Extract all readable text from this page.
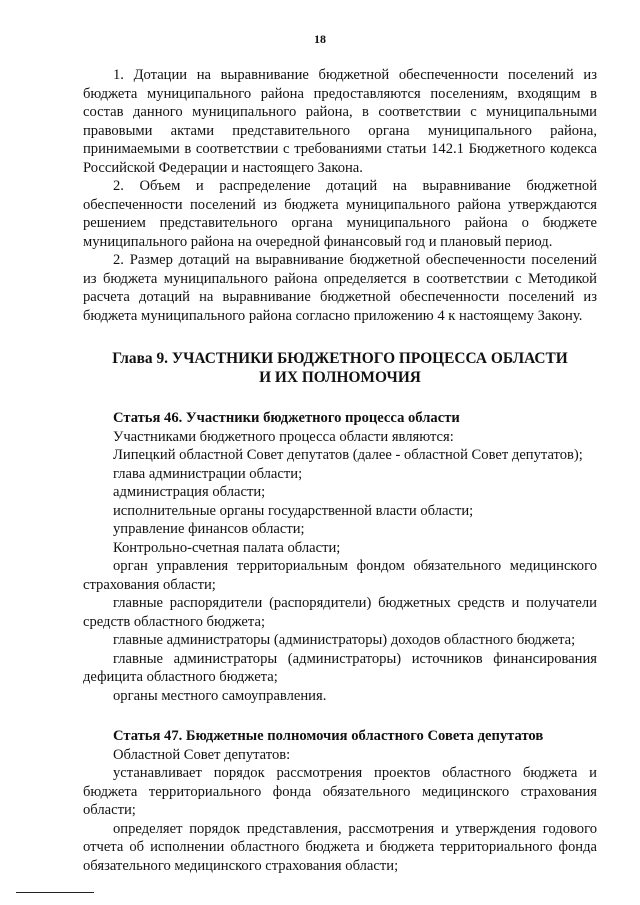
18

1. Дотации на выравнивание бюджетной обеспеченности поселений из бюджета муниципального района предоставляются поселениям, входящим в состав данного муниципального района, в соответствии с муниципальными правовыми актами представительного органа муниципального района, принимаемыми в соответствии с требованиями статьи 142.1 Бюджетного кодекса Российской Федерации и настоящего Закона.

2. Объем и распределение дотаций на выравнивание бюджетной обеспеченности поселений из бюджета муниципального района утверждаются решением представительного органа муниципального района о бюджете муниципального района на очередной финансовый год и плановый период.

2. Размер дотаций на выравнивание бюджетной обеспеченности поселений из бюджета муниципального района определяется в соответствии с Методикой расчета дотаций на выравнивание бюджетной обеспеченности поселений из бюджета муниципального района согласно приложению 4 к настоящему Закону.

Глава 9. УЧАСТНИКИ БЮДЖЕТНОГО ПРОЦЕССА ОБЛАСТИ

И ИХ ПОЛНОМОЧИЯ

Статья 46. Участники бюджетного процесса области

Участниками бюджетного процесса области являются:

Липецкий областной Совет депутатов (далее - областной Совет депутатов);

глава администрации области;

администрация области;

исполнительные органы государственной власти области;

управление финансов области;

Контрольно-счетная палата области;

орган управления территориальным фондом обязательного медицинского страхования области;

главные распорядители (распорядители) бюджетных средств и получатели средств областного бюджета;

главные администраторы (администраторы) доходов областного бюджета;

главные администраторы (администраторы) источников финансирования дефицита областного бюджета;

органы местного самоуправления.

Статья 47. Бюджетные полномочия областного Совета депутатов

Областной Совет депутатов:

устанавливает порядок рассмотрения проектов областного бюджета и бюджета территориального фонда обязательного медицинского страхования области;

определяет порядок представления, рассмотрения и утверждения годового отчета об исполнении областного бюджета и бюджета территориального фонда обязательного медицинского страхования области;
